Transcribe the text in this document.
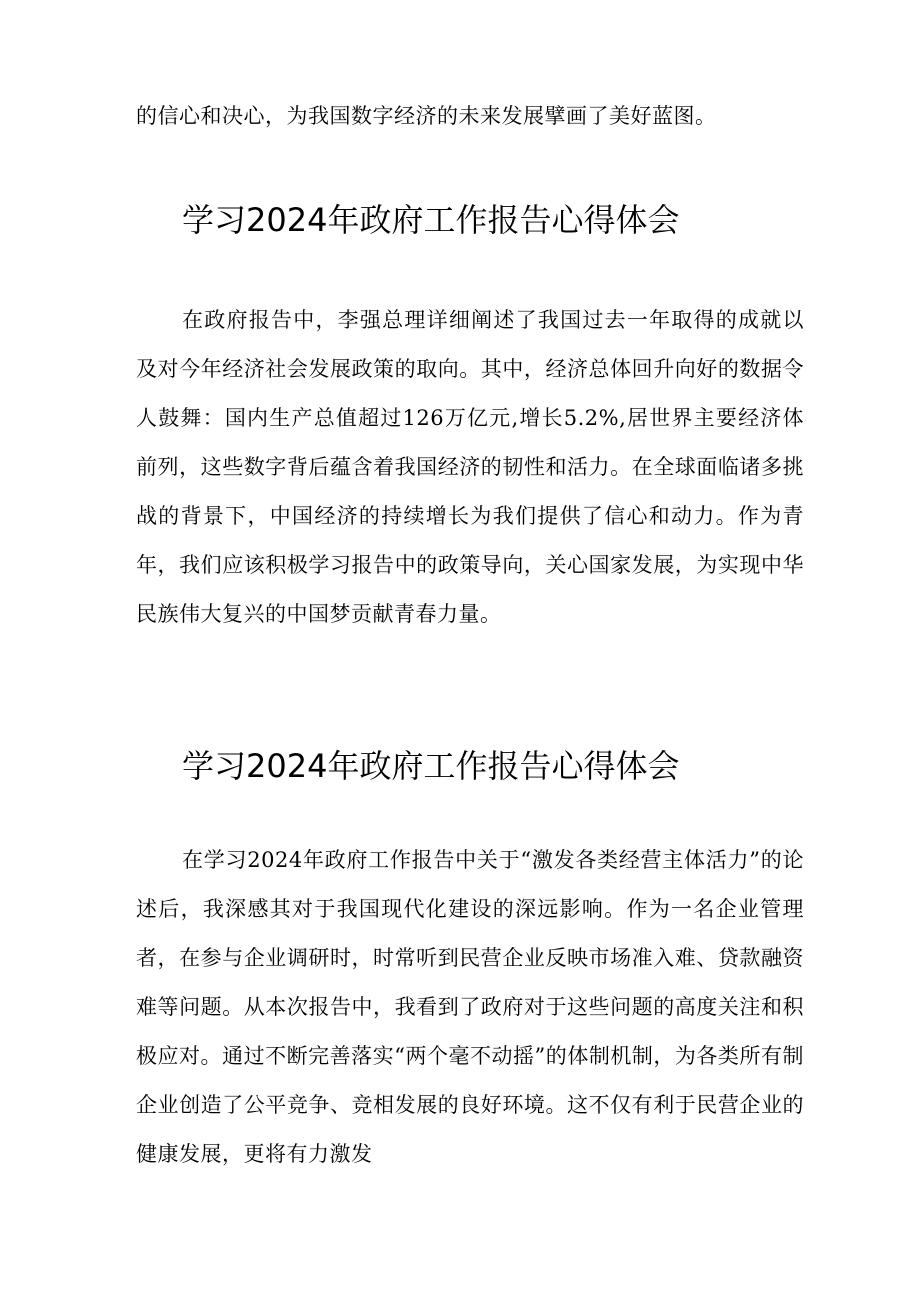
的信心和决心，为我国数字经济的未来发展擘画了美好蓝图。

学习2024年政府工作报告心得体会

在政府报告中，李强总理详细阐述了我国过去一年取得的成就以及对今年经济社会发展政策的取向。其中，经济总体回升向好的数据令人鼓舞：国内生产总值超过126万亿元,增长5.2%,居世界主要经济体前列，这些数字背后蕴含着我国经济的韧性和活力。在全球面临诸多挑战的背景下，中国经济的持续增长为我们提供了信心和动力。作为青年，我们应该积极学习报告中的政策导向，关心国家发展，为实现中华民族伟大复兴的中国梦贡献青春力量。

学习2024年政府工作报告心得体会

在学习2024年政府工作报告中关于“激发各类经营主体活力”的论述后，我深感其对于我国现代化建设的深远影响。作为一名企业管理者，在参与企业调研时，时常听到民营企业反映市场准入难、贷款融资难等问题。从本次报告中，我看到了政府对于这些问题的高度关注和积极应对。通过不断完善落实“两个毫不动摇”的体制机制，为各类所有制企业创造了公平竞争、竞相发展的良好环境。这不仅有利于民营企业的健康发展，更将有力激发
